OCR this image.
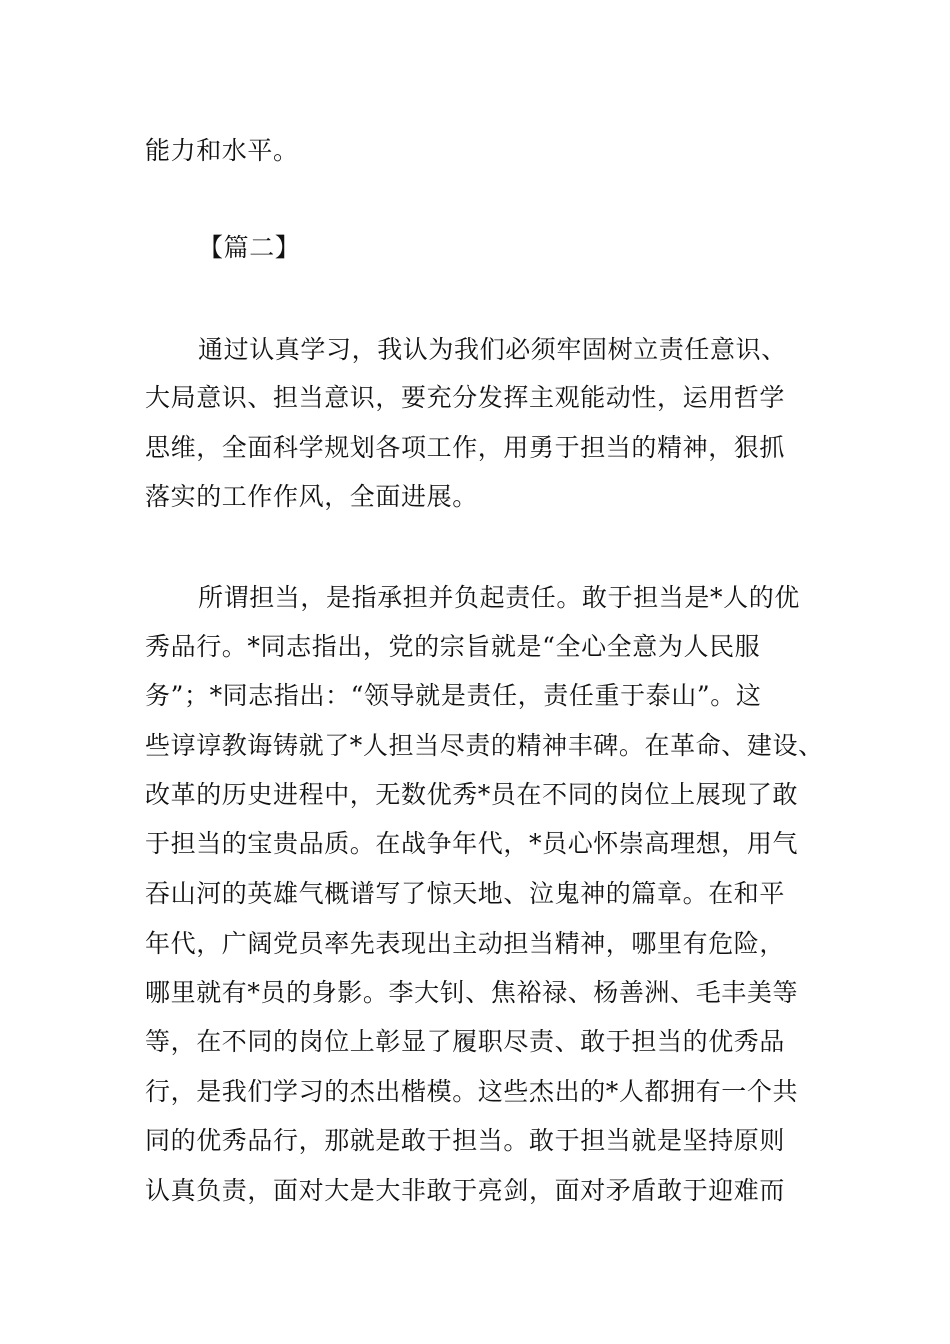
能力和水平。
【篇二】
通过认真学习，我认为我们必须牢固树立责任意识、
大局意识、担当意识，要充分发挥主观能动性，运用哲学
思维，全面科学规划各项工作，用勇于担当的精神，狠抓
落实的工作作风，全面进展。
所谓担当，是指承担并负起责任。敢于担当是*人的优
秀品行。*同志指出，党的宗旨就是“全心全意为人民服
务”；*同志指出：“领导就是责任，责任重于泰山”。这
些谆谆教诲铸就了*人担当尽责的精神丰碑。在革命、建设、
改革的历史进程中，无数优秀*员在不同的岗位上展现了敢
于担当的宝贵品质。在战争年代，*员心怀崇高理想，用气
吞山河的英雄气概谱写了惊天地、泣鬼神的篇章。在和平
年代，广阔党员率先表现出主动担当精神，哪里有危险，
哪里就有*员的身影。李大钊、焦裕禄、杨善洲、毛丰美等
等，在不同的岗位上彰显了履职尽责、敢于担当的优秀品
行，是我们学习的杰出楷模。这些杰出的*人都拥有一个共
同的优秀品行，那就是敢于担当。敢于担当就是坚持原则
认真负责，面对大是大非敢于亮剑，面对矛盾敢于迎难而
